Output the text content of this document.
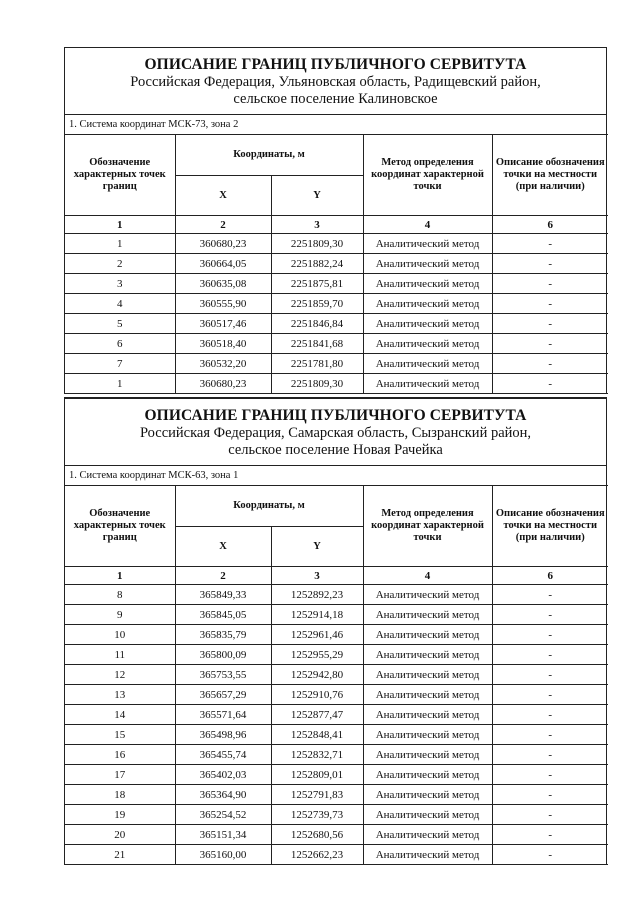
ОПИСАНИЕ ГРАНИЦ ПУБЛИЧНОГО СЕРВИТУТА
Российская Федерация, Ульяновская область, Радищевский район,
сельское поселение Калиновское
1. Система координат МСК-73, зона 2
Обозначение характерных точек границ	Координаты, м		Метод определения координат характерной точки	Описание обозначения точки на местности (при наличии)
	X	Y		
1	2	3	4	6
1	360680,23	2251809,30	Аналитический метод	-
2	360664,05	2251882,24	Аналитический метод	-
3	360635,08	2251875,81	Аналитический метод	-
4	360555,90	2251859,70	Аналитический метод	-
5	360517,46	2251846,84	Аналитический метод	-
6	360518,40	2251841,68	Аналитический метод	-
7	360532,20	2251781,80	Аналитический метод	-
1	360680,23	2251809,30	Аналитический метод	-
ОПИСАНИЕ ГРАНИЦ ПУБЛИЧНОГО СЕРВИТУТА
Российская Федерация, Самарская область, Сызранский район,
сельское поселение Новая Рачейка
1. Система координат МСК-63, зона 1
Обозначение характерных точек границ	Координаты, м		Метод определения координат характерной точки	Описание обозначения точки на местности (при наличии)
	X	Y		
1	2	3	4	6
8	365849,33	1252892,23	Аналитический метод	-
9	365845,05	1252914,18	Аналитический метод	-
10	365835,79	1252961,46	Аналитический метод	-
11	365800,09	1252955,29	Аналитический метод	-
12	365753,55	1252942,80	Аналитический метод	-
13	365657,29	1252910,76	Аналитический метод	-
14	365571,64	1252877,47	Аналитический метод	-
15	365498,96	1252848,41	Аналитический метод	-
16	365455,74	1252832,71	Аналитический метод	-
17	365402,03	1252809,01	Аналитический метод	-
18	365364,90	1252791,83	Аналитический метод	-
19	365254,52	1252739,73	Аналитический метод	-
20	365151,34	1252680,56	Аналитический метод	-
21	365160,00	1252662,23	Аналитический метод	-
